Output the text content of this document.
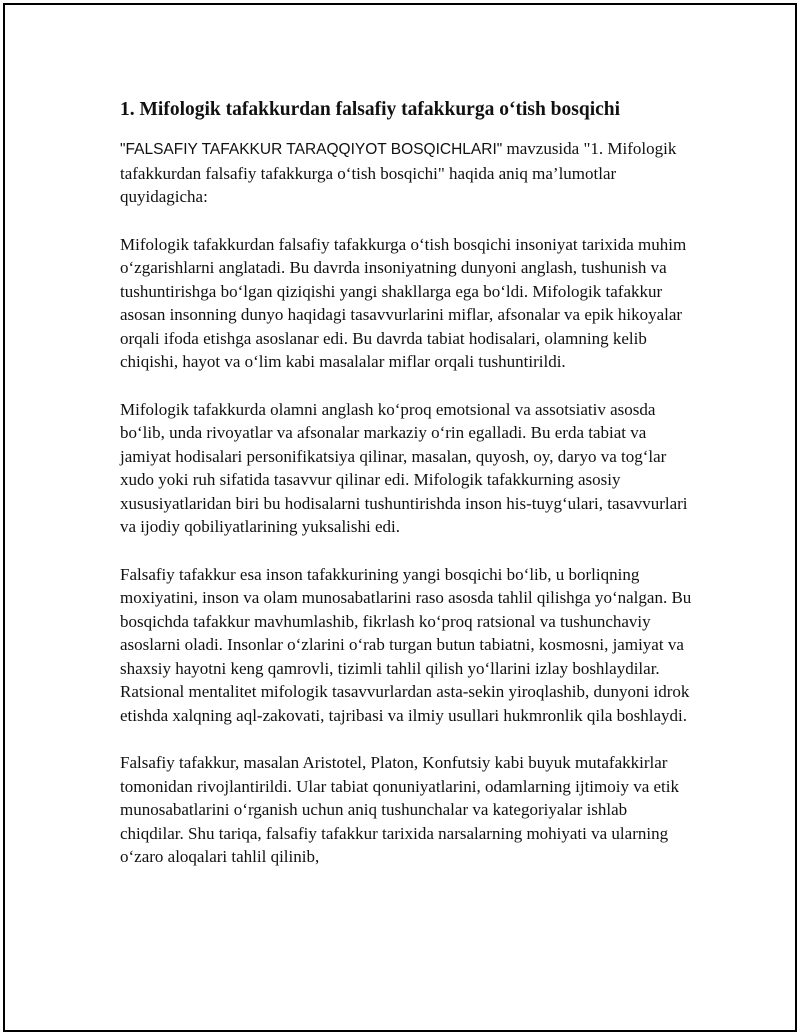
1. Mifologik tafakkurdan falsafiy tafakkurga o‘tish bosqichi

"FALSAFIY TAFAKKUR TARAQQIYOT BOSQICHLARI" mavzusida "1. Mifologik tafakkurdan falsafiy tafakkurga o‘tish bosqichi" haqida aniq ma’lumotlar quyidagicha:

Mifologik tafakkurdan falsafiy tafakkurga o‘tish bosqichi insoniyat tarixida muhim o‘zgarishlarni anglatadi. Bu davrda insoniyatning dunyoni anglash, tushunish va tushuntirishga bo‘lgan qiziqishi yangi shakllarga ega bo‘ldi. Mifologik tafakkur asosan insonning dunyo haqidagi tasavvurlarini miflar, afsonalar va epik hikoyalar orqali ifoda etishga asoslanar edi. Bu davrda tabiat hodisalari, olamning kelib chiqishi, hayot va o‘lim kabi masalalar miflar orqali tushuntirildi.

Mifologik tafakkurda olamni anglash ko‘proq emotsional va assotsiativ asosda bo‘lib, unda rivoyatlar va afsonalar markaziy o‘rin egalladi. Bu erda tabiat va jamiyat hodisalari personifikatsiya qilinar, masalan, quyosh, oy, daryo va tog‘lar xudo yoki ruh sifatida tasavvur qilinar edi. Mifologik tafakkurning asosiy xususiyatlaridan biri bu hodisalarni tushuntirishda inson his-tuyg‘ulari, tasavvurlari va ijodiy qobiliyatlarining yuksalishi edi.

Falsafiy tafakkur esa inson tafakkurining yangi bosqichi bo‘lib, u borliqning moxiyatini, inson va olam munosabatlarini raso asosda tahlil qilishga yo‘nalgan. Bu bosqichda tafakkur mavhumlashib, fikrlash ko‘proq ratsional va tushunchaviy asoslarni oladi. Insonlar o‘zlarini o‘rab turgan butun tabiatni, kosmosni, jamiyat va shaxsiy hayotni keng qamrovli, tizimli tahlil qilish yo‘llarini izlay boshlaydilar. Ratsional mentalitet mifologik tasavvurlardan asta-sekin yiroqlashib, dunyoni idrok etishda xalqning aql-zakovati, tajribasi va ilmiy usullari hukmronlik qila boshlaydi.

Falsafiy tafakkur, masalan Aristotel, Platon, Konfutsiy kabi buyuk mutafakkirlar tomonidan rivojlantirildi. Ular tabiat qonuniyatlarini, odamlarning ijtimoiy va etik munosabatlarini o‘rganish uchun aniq tushunchalar va kategoriyalar ishlab chiqdilar. Shu tariqa, falsafiy tafakkur tarixida narsalarning mohiyati va ularning o‘zaro aloqalari tahlil qilinib,
